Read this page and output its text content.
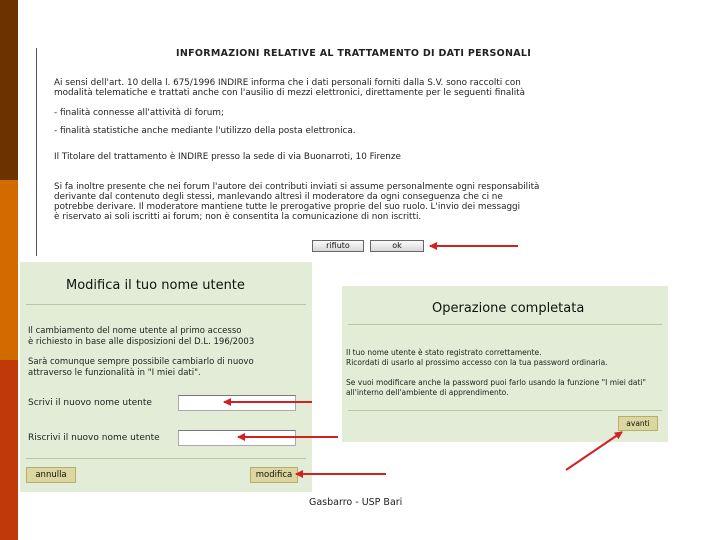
INFORMAZIONI RELATIVE AL TRATTAMENTO DI DATI PERSONALI
Ai sensi dell'art. 10 della l. 675/1996 INDIRE informa che i dati personali forniti dalla S.V. sono raccolti con
modalità telematiche e trattati anche con l'ausilio di mezzi elettronici, direttamente per le seguenti finalità
- finalità connesse all'attività di forum;
- finalità statistiche anche mediante l'utilizzo della posta elettronica.
Il Titolare del trattamento è INDIRE presso la sede di via Buonarroti, 10 Firenze
Si fa inoltre presente che nei forum l'autore dei contributi inviati si assume personalmente ogni responsabilità
derivante dal contenuto degli stessi, manlevando altresì il moderatore da ogni conseguenza che ci ne
potrebbe derivare. Il moderatore mantiene tutte le prerogative proprie del suo ruolo. L'invio dei messaggi
è riservato ai soli iscritti ai forum; non è consentita la comunicazione di non iscritti.
rifiuto	ok
Modifica il tuo nome utente
Il cambiamento del nome utente al primo accesso
è richiesto in base alle disposizioni del D.L. 196/2003
Sarà comunque sempre possibile cambiarlo di nuovo
attraverso le funzionalità in "I miei dati".
Scrivi il nuovo nome utente
Riscrivi il nuovo nome utente
annulla	modifica
Operazione completata
Il tuo nome utente è stato registrato correttamente.
Ricordati di usarlo al prossimo accesso con la tua password ordinaria.
Se vuoi modificare anche la password puoi farlo usando la funzione "I miei dati"
all'interno dell'ambiente di apprendimento.
avanti
Gasbarro - USP Bari
